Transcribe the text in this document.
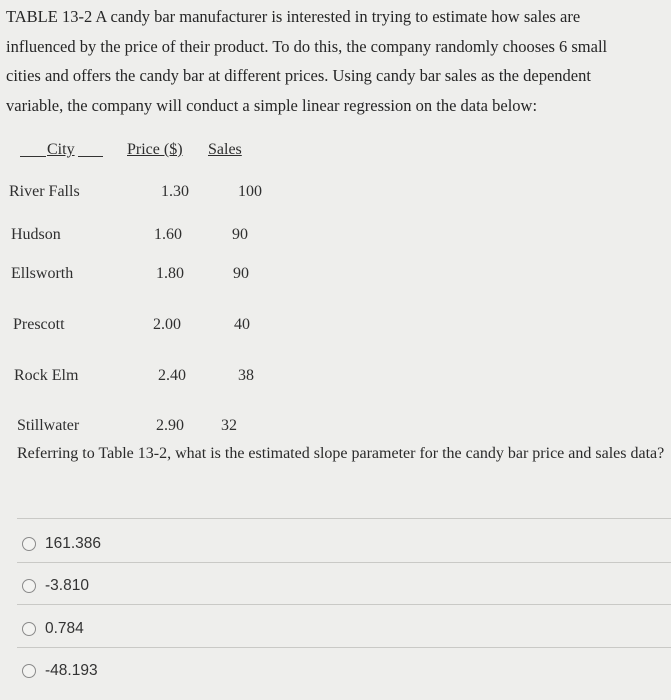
TABLE 13-2 A candy bar manufacturer is interested in trying to estimate how sales are
influenced by the price of their product. To do this, the company randomly chooses 6 small
cities and offers the candy bar at different prices. Using candy bar sales as the dependent
variable, the company will conduct a simple linear regression on the data below:
City	Price ($) Sales
River Falls	1.30	100
Hudson	1.60	90
Ellsworth	1.80	90
Prescott	2.00	40
Rock Elm	2.40	38
Stillwater	2.90 32
Referring to Table 13-2, what is the estimated slope parameter for the candy bar price and sales data?
161.386
-3.810
0.784
-48.193
